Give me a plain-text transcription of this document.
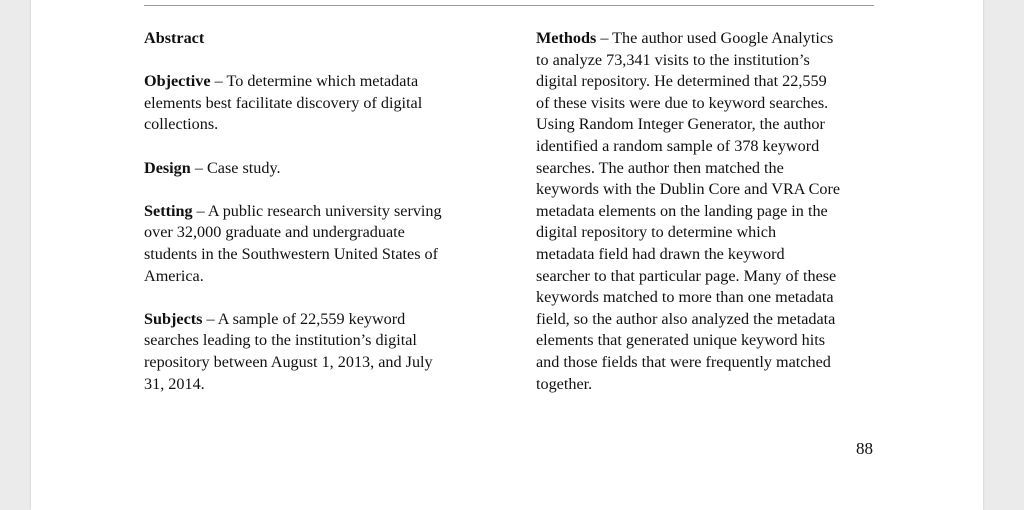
Abstract

Objective – To determine which metadata
elements best facilitate discovery of digital
collections.
Design – Case study.
Setting – A public research university serving
over 32,000 graduate and undergraduate
students in the Southwestern United States of
America.
Subjects – A sample of 22,559 keyword
searches leading to the institution’s digital
repository between August 1, 2013, and July
31, 2014.
Methods – The author used Google Analytics
to analyze 73,341 visits to the institution’s
digital repository. He determined that 22,559
of these visits were due to keyword searches.
Using Random Integer Generator, the author
identified a random sample of 378 keyword
searches. The author then matched the
keywords with the Dublin Core and VRA Core
metadata elements on the landing page in the
digital repository to determine which
metadata field had drawn the keyword
searcher to that particular page. Many of these
keywords matched to more than one metadata
field, so the author also analyzed the metadata
elements that generated unique keyword hits
and those fields that were frequently matched
together.
88
